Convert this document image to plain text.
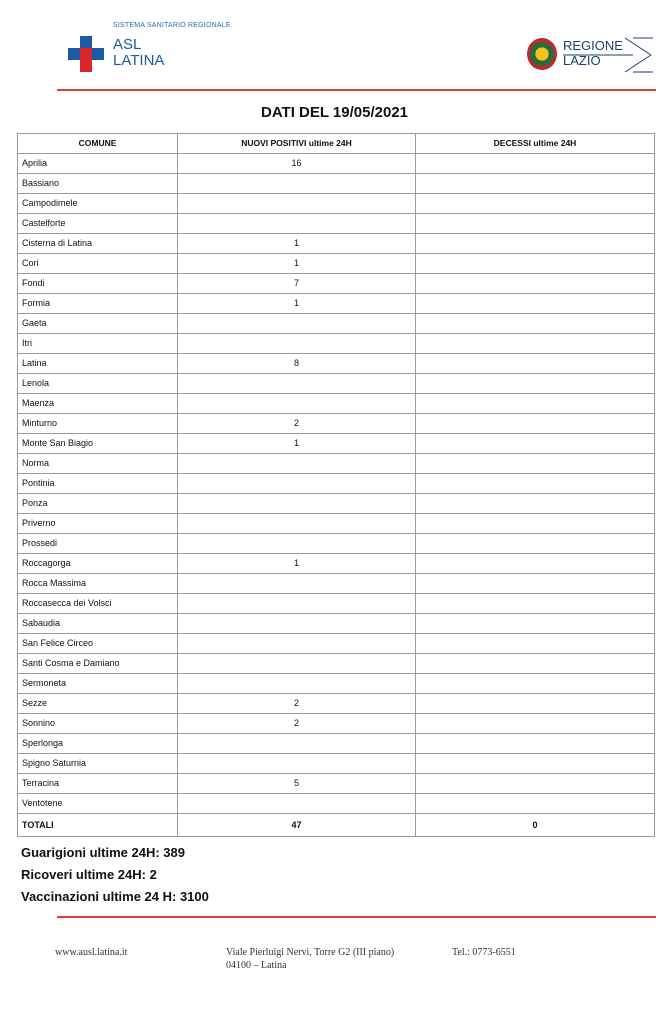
SISTEMA SANITARIO REGIONALE
ASL
LATINA
REGIONE
LAZIO
DATI DEL 19/05/2021
COMUNE	NUOVI POSITIVI ultime 24H	DECESSI ultime 24H
Aprilia	16	
Bassiano		
Campodimele		
Castelforte		
Cisterna di Latina	1	
Cori	1	
Fondi	7	
Formia	1	
Gaeta		
Itri		
Latina	8	
Lenola		
Maenza		
Minturno	2	
Monte San Biagio	1	
Norma		
Pontinia		
Ponza		
Priverno		
Prossedi		
Roccagorga	1	
Rocca Massima		
Roccasecca dei Volsci		
Sabaudia		
San Felice Circeo		
Santi Cosma e Damiano		
Sermoneta		
Sezze	2	
Sonnino	2	
Sperlonga		
Spigno Saturnia		
Terracina	5	
Ventotene		
TOTALI	47	0
Guarigioni ultime 24H: 389
Ricoveri ultime 24H: 2
Vaccinazioni ultime 24 H: 3100
www.ausl.latina.it	Viale Pierluigi Nervi, Torre G2 (III piano)
04100 – Latina
Tel.: 0773-6551
